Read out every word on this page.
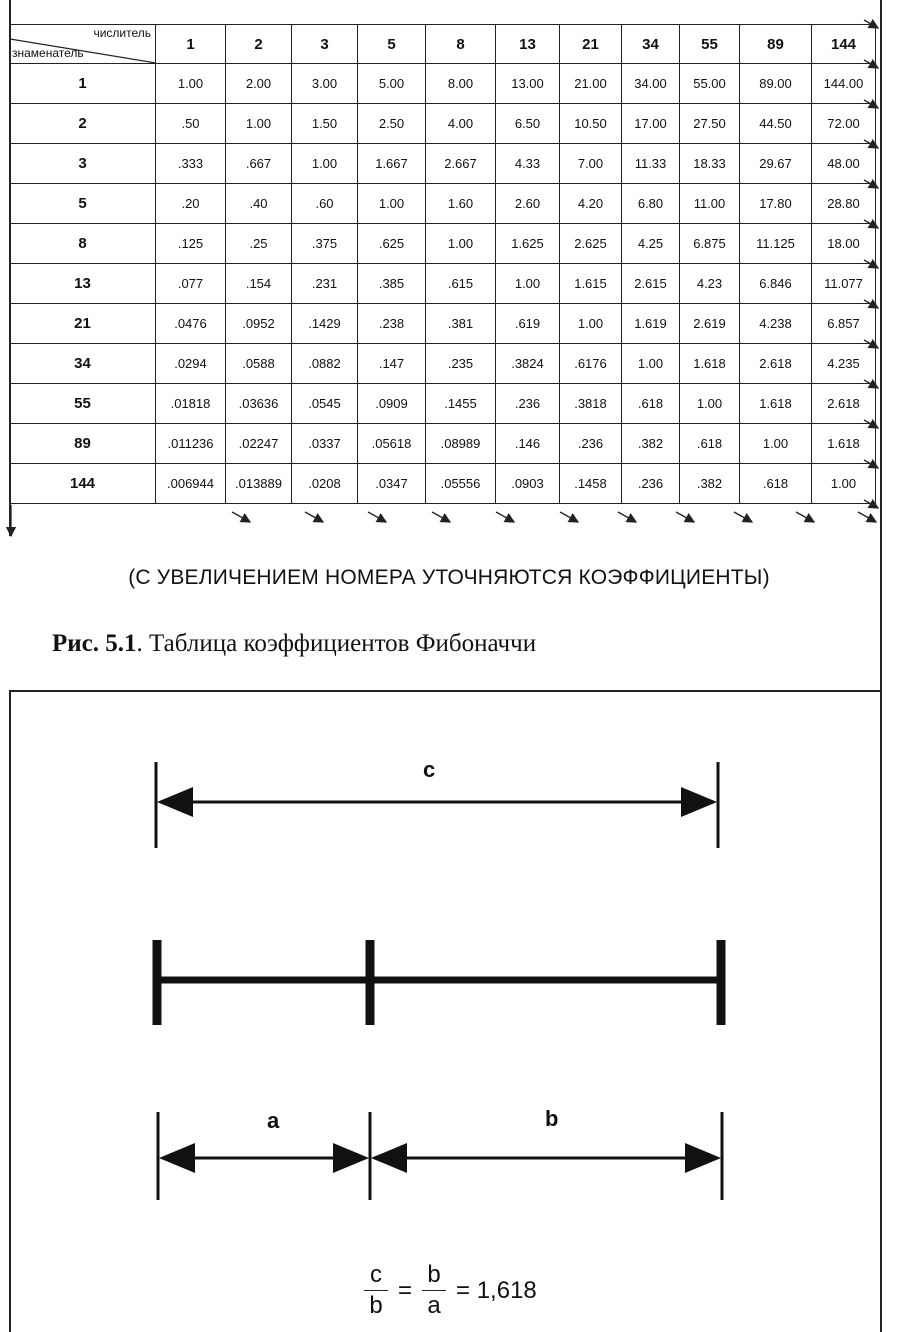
числитель
знаменатель	1	2	3	5	8	13	21	34	55	89	144
1	1.00	2.00	3.00	5.00	8.00	13.00	21.00	34.00	55.00	89.00	144.00
2	.50	1.00	1.50	2.50	4.00	6.50	10.50	17.00	27.50	44.50	72.00
3	.333	.667	1.00	1.667	2.667	4.33	7.00	11.33	18.33	29.67	48.00
5	.20	.40	.60	1.00	1.60	2.60	4.20	6.80	11.00	17.80	28.80
8	.125	.25	.375	.625	1.00	1.625	2.625	4.25	6.875	11.125	18.00
13	.077	.154	.231	.385	.615	1.00	1.615	2.615	4.23	6.846	11.077
21	.0476	.0952	.1429	.238	.381	.619	1.00	1.619	2.619	4.238	6.857
34	.0294	.0588	.0882	.147	.235	.3824	.6176	1.00	1.618	2.618	4.235
55	.01818	.03636	.0545	.0909	.1455	.236	.3818	.618	1.00	1.618	2.618
89	.011236	.02247	.0337	.05618	.08989	.146	.236	.382	.618	1.00	1.618
144	.006944	.013889	.0208	.0347	.05556	.0903	.1458	.236	.382	.618	1.00
(С УВЕЛИЧЕНИЕМ НОМЕРА УТОЧНЯЮТСЯ КОЭФФИЦИЕНТЫ)
Рис. 5.1. Таблица коэффициентов Фибоначчи
c
a	b
$\frac{c}{b} = \frac{b}{a} = 1,618$
